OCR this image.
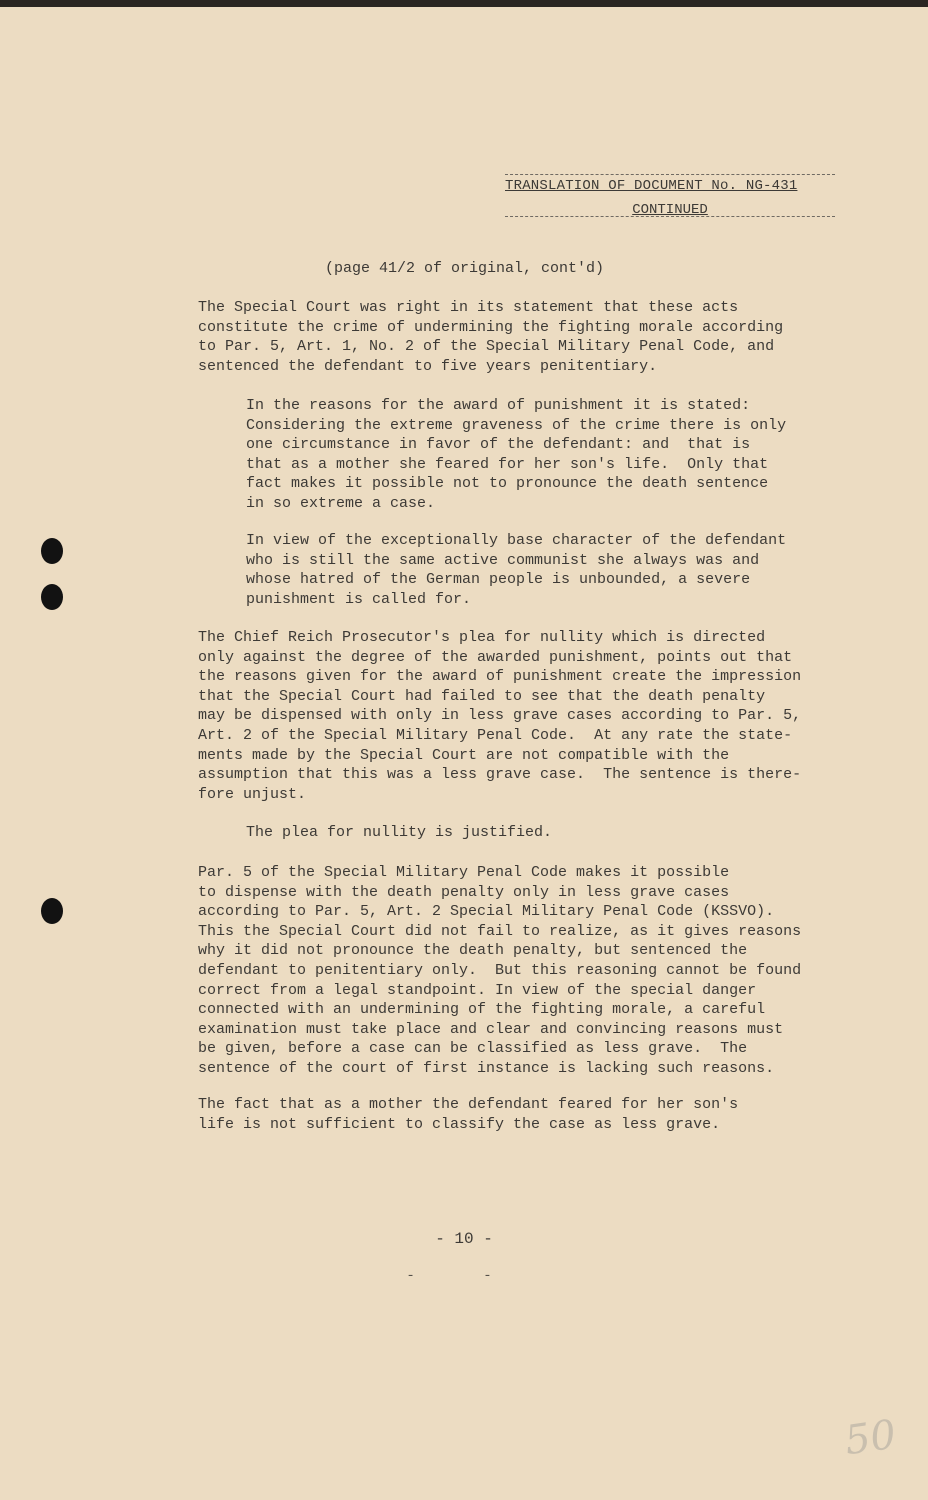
TRANSLATION OF DOCUMENT No. NG-431
CONTINUED
(page 41/2 of original, cont'd)
The Special Court was right in its statement that these acts
constitute the crime of undermining the fighting morale according
to Par. 5, Art. 1, No. 2 of the Special Military Penal Code, and
sentenced the defendant to five years penitentiary.
In the reasons for the award of punishment it is stated:
Considering the extreme graveness of the crime there is only
one circumstance in favor of the defendant: and  that is
that as a mother she feared for her son's life.  Only that
fact makes it possible not to pronounce the death sentence
in so extreme a case.
In view of the exceptionally base character of the defendant
who is still the same active communist she always was and
whose hatred of the German people is unbounded, a severe
punishment is called for.
The Chief Reich Prosecutor's plea for nullity which is directed
only against the degree of the awarded punishment, points out that
the reasons given for the award of punishment create the impression
that the Special Court had failed to see that the death penalty
may be dispensed with only in less grave cases according to Par. 5,
Art. 2 of the Special Military Penal Code.  At any rate the state-
ments made by the Special Court are not compatible with the
assumption that this was a less grave case.  The sentence is there-
fore unjust.
The plea for nullity is justified.
Par. 5 of the Special Military Penal Code makes it possible
to dispense with the death penalty only in less grave cases
according to Par. 5, Art. 2 Special Military Penal Code (KSSVO).
This the Special Court did not fail to realize, as it gives reasons
why it did not pronounce the death penalty, but sentenced the
defendant to penitentiary only.  But this reasoning cannot be found
correct from a legal standpoint. In view of the special danger
connected with an undermining of the fighting morale, a careful
examination must take place and clear and convincing reasons must
be given, before a case can be classified as less grave.  The
sentence of the court of first instance is lacking such reasons.
The fact that as a mother the defendant feared for her son's
life is not sufficient to classify the case as less grave.
- 10 -
- -
50
